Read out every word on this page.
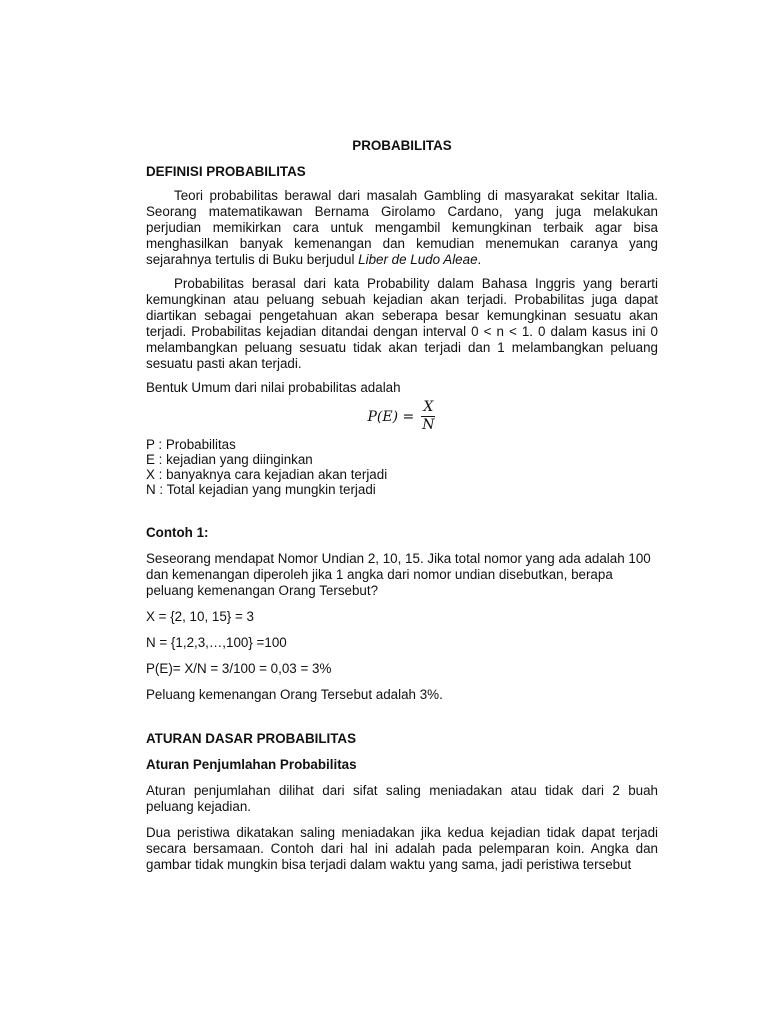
PROBABILITAS
DEFINISI PROBABILITAS

Teori probabilitas berawal dari masalah Gambling di masyarakat sekitar Italia. Seorang matematikawan Bernama Girolamo Cardano, yang juga melakukan perjudian memikirkan cara untuk mengambil kemungkinan terbaik agar bisa menghasilkan banyak kemenangan dan kemudian menemukan caranya yang sejarahnya tertulis di Buku berjudul Liber de Ludo Aleae.

Probabilitas berasal dari kata Probability dalam Bahasa Inggris yang berarti kemungkinan atau peluang sebuah kejadian akan terjadi. Probabilitas juga dapat diartikan sebagai pengetahuan akan seberapa besar kemungkinan sesuatu akan terjadi. Probabilitas kejadian ditandai dengan interval 0 < n < 1. 0 dalam kasus ini 0 melambangkan peluang sesuatu tidak akan terjadi dan 1 melambangkan peluang sesuatu pasti akan terjadi.

Bentuk Umum dari nilai probabilitas adalah

$P(E) = \frac{X}{N}$
P : Probabilitas
E : kejadian yang diinginkan
X : banyaknya cara kejadian akan terjadi
N : Total kejadian yang mungkin terjadi
Contoh 1:

Seseorang mendapat Nomor Undian 2, 10, 15. Jika total nomor yang ada adalah 100 dan kemenangan diperoleh jika 1 angka dari nomor undian disebutkan, berapa peluang kemenangan Orang Tersebut?

X = {2, 10, 15} = 3

N = {1,2,3,…,100} =100

P(E)= X/N = 3/100 = 0,03 = 3%

Peluang kemenangan Orang Tersebut adalah 3%.

ATURAN DASAR PROBABILITAS
Aturan Penjumlahan Probabilitas

Aturan penjumlahan dilihat dari sifat saling meniadakan atau tidak dari 2 buah peluang kejadian.

Dua peristiwa dikatakan saling meniadakan jika kedua kejadian tidak dapat terjadi secara bersamaan. Contoh dari hal ini adalah pada pelemparan koin. Angka dan gambar tidak mungkin bisa terjadi dalam waktu yang sama, jadi peristiwa tersebut
